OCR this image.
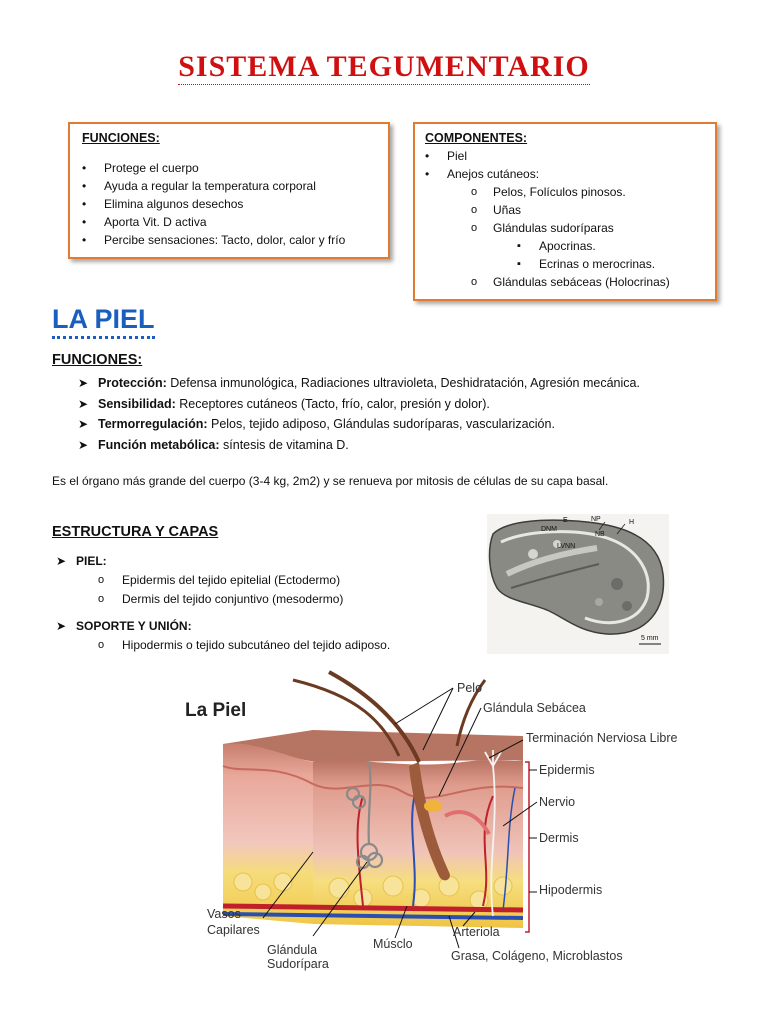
SISTEMA TEGUMENTARIO
FUNCIONES:
• Protege el cuerpo
• Ayuda a regular la temperatura corporal
• Elimina algunos desechos
• Aporta Vit. D activa
• Percibe sensaciones: Tacto, dolor, calor y frío
COMPONENTES:
• Piel
• Anejos cutáneos:
o Pelos, Folículos pinosos.
o Uñas
o Glándulas sudoríparas
▪ Apocrinas.
▪ Ecrinas o merocrinas.
o Glándulas sebáceas (Holocrinas)
LA PIEL
FUNCIONES:
➤ Protección: Defensa inmunológica, Radiaciones ultravioleta, Deshidratación, Agresión mecánica.
➤ Sensibilidad: Receptores cutáneos (Tacto, frío, calor, presión y dolor).
➤ Termorregulación: Pelos, tejido adiposo, Glándulas sudoríparas, vascularización.
➤ Función metabólica: síntesis de vitamina D.
Es el órgano más grande del cuerpo (3-4 kg, 2m2) y se renueva por mitosis de células de su capa basal.
ESTRUCTURA Y CAPAS
➤ PIEL:
o Epidermis del tejido epitelial (Ectodermo)
o Dermis del tejido conjuntivo (mesodermo)
➤ SOPORTE Y UNIÓN:
o Hipodermis o tejido subcutáneo del tejido adiposo.
E	NP
DNM
H
NB
LVNN
5 mm
La Piel
Pelo
Glándula Sebácea
Terminación Nerviosa Libre
Epidermis
Nervio
Dermis
Hipodermis
Vasos
Capilares
Glándula
Sudorípara
Músclo
Arteriola
Grasa, Colágeno, Microblastos
